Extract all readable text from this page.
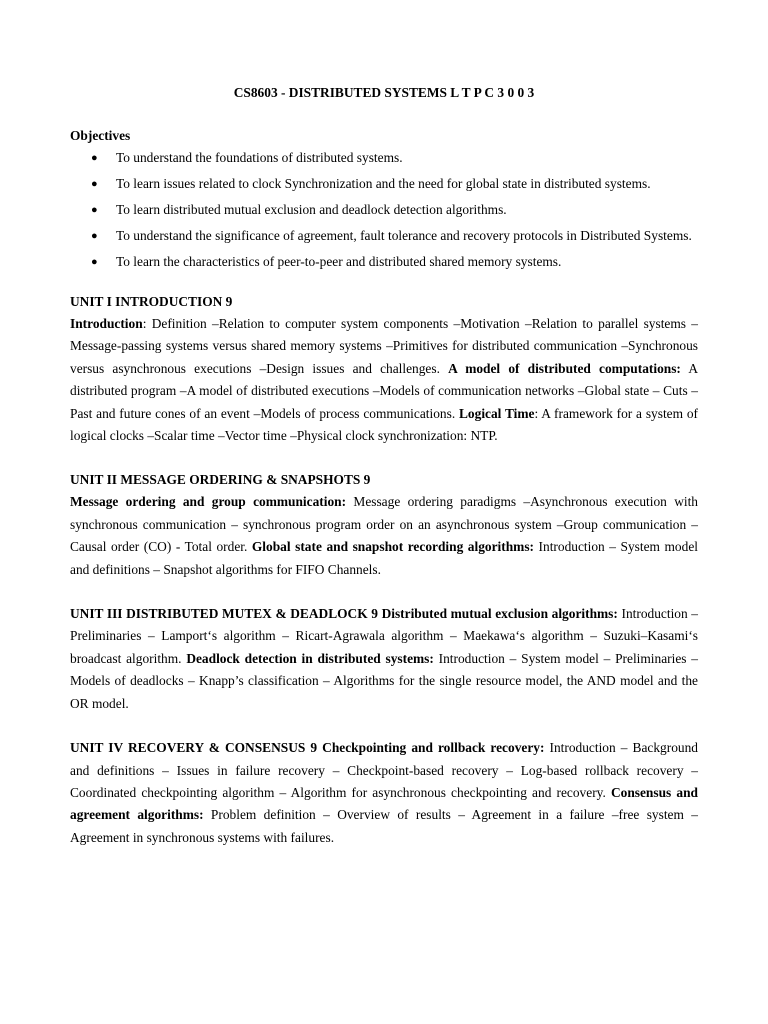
CS8603 - DISTRIBUTED SYSTEMS L T P C 3 0 0 3
Objectives
● To understand the foundations of distributed systems.
● To learn issues related to clock Synchronization and the need for global state in distributed systems.
● To learn distributed mutual exclusion and deadlock detection algorithms.
● To understand the significance of agreement, fault tolerance and recovery protocols in Distributed Systems.
● To learn the characteristics of peer-to-peer and distributed shared memory systems.
UNIT I INTRODUCTION 9

Introduction: Definition –Relation to computer system components –Motivation –Relation to parallel systems – Message-passing systems versus shared memory systems –Primitives for distributed communication –Synchronous versus asynchronous executions –Design issues and challenges. A model of distributed computations: A distributed program –A model of distributed executions –Models of communication networks –Global state – Cuts –Past and future cones of an event –Models of process communications. Logical Time: A framework for a system of logical clocks –Scalar time –Vector time –Physical clock synchronization: NTP.

UNIT II MESSAGE ORDERING & SNAPSHOTS 9

Message ordering and group communication: Message ordering paradigms –Asynchronous execution with synchronous communication – synchronous program order on an asynchronous system –Group communication – Causal order (CO) - Total order. Global state and snapshot recording algorithms: Introduction – System model and definitions – Snapshot algorithms for FIFO Channels.

UNIT III DISTRIBUTED MUTEX & DEADLOCK 9 Distributed mutual exclusion algorithms: Introduction – Preliminaries – Lamport‘s algorithm – Ricart-Agrawala algorithm – Maekawa‘s algorithm – Suzuki–Kasami‘s broadcast algorithm. Deadlock detection in distributed systems: Introduction – System model – Preliminaries – Models of deadlocks – Knapp’s classification – Algorithms for the single resource model, the AND model and the OR model.

UNIT IV RECOVERY & CONSENSUS 9 Checkpointing and rollback recovery: Introduction – Background and definitions – Issues in failure recovery – Checkpoint-based recovery – Log-based rollback recovery – Coordinated checkpointing algorithm – Algorithm for asynchronous checkpointing and recovery. Consensus and agreement algorithms: Problem definition – Overview of results – Agreement in a failure –free system – Agreement in synchronous systems with failures.
